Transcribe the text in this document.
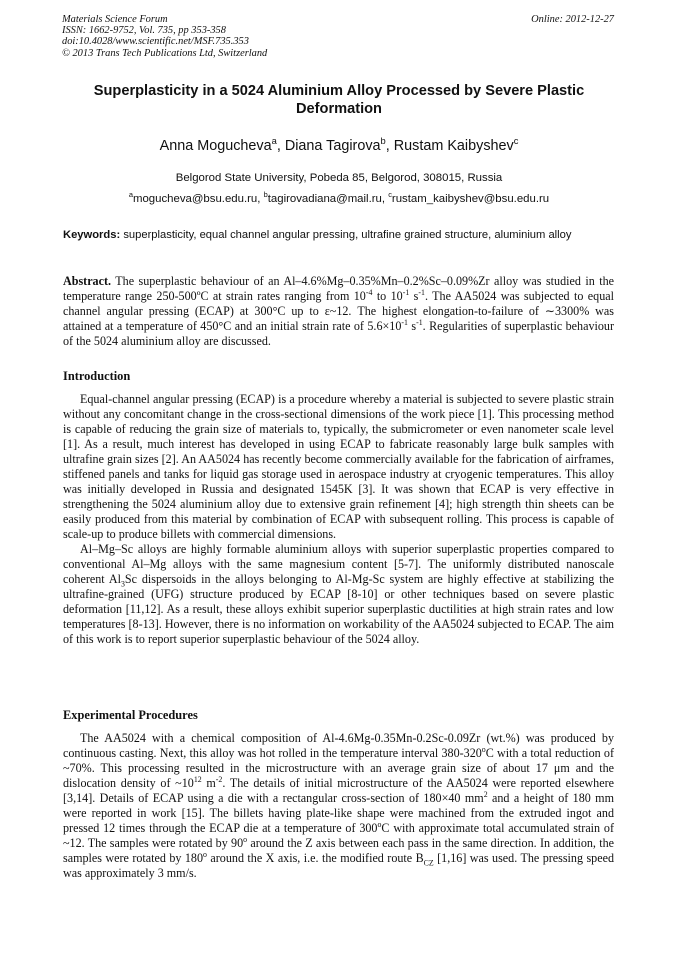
Materials Science Forum
ISSN: 1662-9752, Vol. 735, pp 353-358
doi:10.4028/www.scientific.net/MSF.735.353
© 2013 Trans Tech Publications Ltd, Switzerland
Online: 2012-12-27
Superplasticity in a 5024 Aluminium Alloy Processed by Severe Plastic Deformation
Anna Mogucheva$^a$, Diana Tagirova$^b$, Rustam Kaibyshev$^c$
Belgorod State University, Pobeda 85, Belgorod, 308015, Russia
$^a$mogucheva@bsu.edu.ru, $^b$tagirovadiana@mail.ru, $^c$rustam_kaibyshev@bsu.edu.ru
Keywords: superplasticity, equal channel angular pressing, ultrafine grained structure, aluminium alloy
Abstract. The superplastic behaviour of an Al–4.6%Mg–0.35%Mn–0.2%Sc–0.09%Zr alloy was studied in the temperature range 250-500ºC at strain rates ranging from $10^{-4}$ to $10^{-1}$ $s^{-1}$. The AA5024 was subjected to equal channel angular pressing (ECAP) at 300°C up to ε~12. The highest elongation-to-failure of ∼3300% was attained at a temperature of 450°C and an initial strain rate of $5.6\times 10^{-1}$ $s^{-1}$. Regularities of superplastic behaviour of the 5024 aluminium alloy are discussed.
Introduction
Equal-channel angular pressing (ECAP) is a procedure whereby a material is subjected to severe plastic strain without any concomitant change in the cross-sectional dimensions of the work piece [1]. This processing method is capable of reducing the grain size of materials to, typically, the submicrometer or even nanometer scale level [1]. As a result, much interest has developed in using ECAP to fabricate reasonably large bulk samples with ultrafine grain sizes [2]. An AA5024 has recently become commercially available for the fabrication of airframes, stiffened panels and tanks for liquid gas storage used in aerospace industry at cryogenic temperatures. This alloy was initially developed in Russia and designated 1545K [3]. It was shown that ECAP is very effective in strengthening the 5024 aluminium alloy due to extensive grain refinement [4]; high strength thin sheets can be easily produced from this material by combination of ECAP with subsequent rolling. This process is capable of scale-up to produce billets with commercial dimensions.
Al–Mg–Sc alloys are highly formable aluminium alloys with superior superplastic properties compared to conventional Al–Mg alloys with the same magnesium content [5-7]. The uniformly distributed nanoscale coherent $Al_3Sc$ dispersoids in the alloys belonging to Al-Mg-Sc system are highly effective at stabilizing the ultrafine-grained (UFG) structure produced by ECAP [8-10] or other techniques based on severe plastic deformation [11,12]. As a result, these alloys exhibit superior superplastic ductilities at high strain rates and low temperatures [8-13]. However, there is no information on workability of the AA5024 subjected to ECAP. The aim of this work is to report superior superplastic behaviour of the 5024 alloy.
Experimental Procedures
The AA5024 with a chemical composition of Al-4.6Mg-0.35Mn-0.2Sc-0.09Zr (wt.%) was produced by continuous casting. Next, this alloy was hot rolled in the temperature interval 380-320$^o$C with a total reduction of ~70%. This processing resulted in the microstructure with an average grain size of about 17 μm and the dislocation density of $\sim 10^{12}$ $m^{-2}$. The details of initial microstructure of the AA5024 were reported elsewhere [3,14]. Details of ECAP using a die with a rectangular cross-section of 180×40 $mm^2$ and a height of 180 mm were reported in work [15]. The billets having plate-like shape were machined from the extruded ingot and pressed 12 times through the ECAP die at a temperature of 300$^o$C with approximate total accumulated strain of ~12. The samples were rotated by 90$^o$ around the Z axis between each pass in the same direction. In addition, the samples were rotated by 180$^o$ around the X axis, i.e. the modified route $B_{CZ}$ [1,16] was used. The pressing speed was approximately 3 mm/s.
